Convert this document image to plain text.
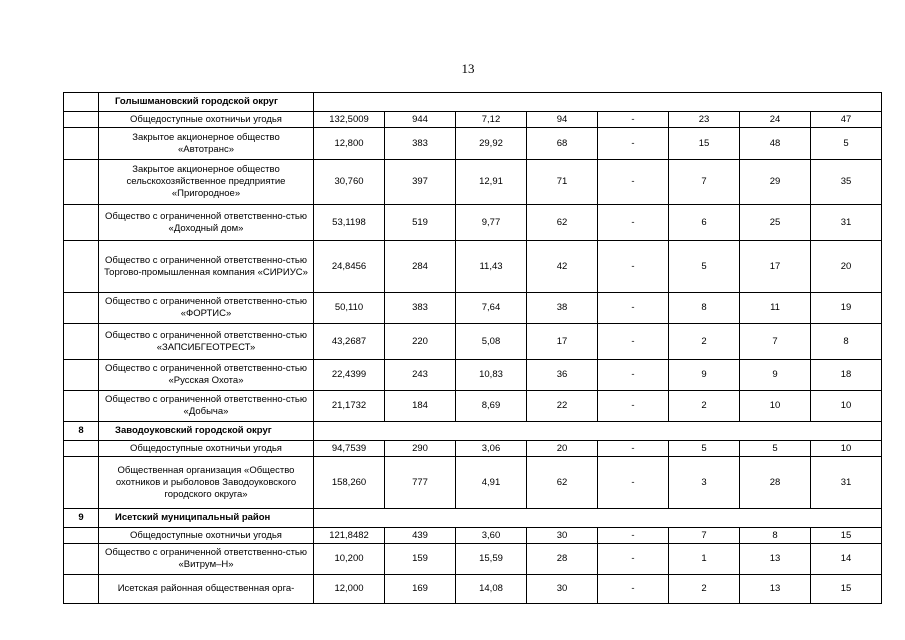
13
	Голышмановский городской округ								
	Общедоступные охотничьи угодья	132,5009	944	7,12	94	-	23	24	47
	Закрытое акционерное общество «Автотранс»	12,800	383	29,92	68	-	15	48	5
	Закрытое акционерное общество сельскохозяйственное предприятие «Пригородное»	30,760	397	12,91	71	-	7	29	35
	Общество с ограниченной ответственно-стью «Доходный дом»	53,1198	519	9,77	62	-	6	25	31
	Общество с ограниченной ответственно-стью Торгово-промышленная компания «СИРИУС»	24,8456	284	11,43	42	-	5	17	20
	Общество с ограниченной ответственно-стью «ФОРТИС»	50,110	383	7,64	38	-	8	11	19
	Общество с ограниченной ответственно-стью «ЗАПСИБГЕОТРЕСТ»	43,2687	220	5,08	17	-	2	7	8
	Общество с ограниченной ответственно-стью «Русская Охота»	22,4399	243	10,83	36	-	9	9	18
	Общество с ограниченной ответственно-стью «Добыча»	21,1732	184	8,69	22	-	2	10	10
8	Заводоуковский городской округ								
	Общедоступные охотничьи угодья	94,7539	290	3,06	20	-	5	5	10
	Общественная организация «Общество охотников и рыболовов Заводоуковского городского округа»	158,260	777	4,91	62	-	3	28	31
9	Исетский муниципальный район								
	Общедоступные охотничьи угодья	121,8482	439	3,60	30	-	7	8	15
	Общество с ограниченной ответственно-стью «Витрум–Н»	10,200	159	15,59	28	-	1	13	14
	Исетская районная общественная орга-	12,000	169	14,08	30	-	2	13	15
